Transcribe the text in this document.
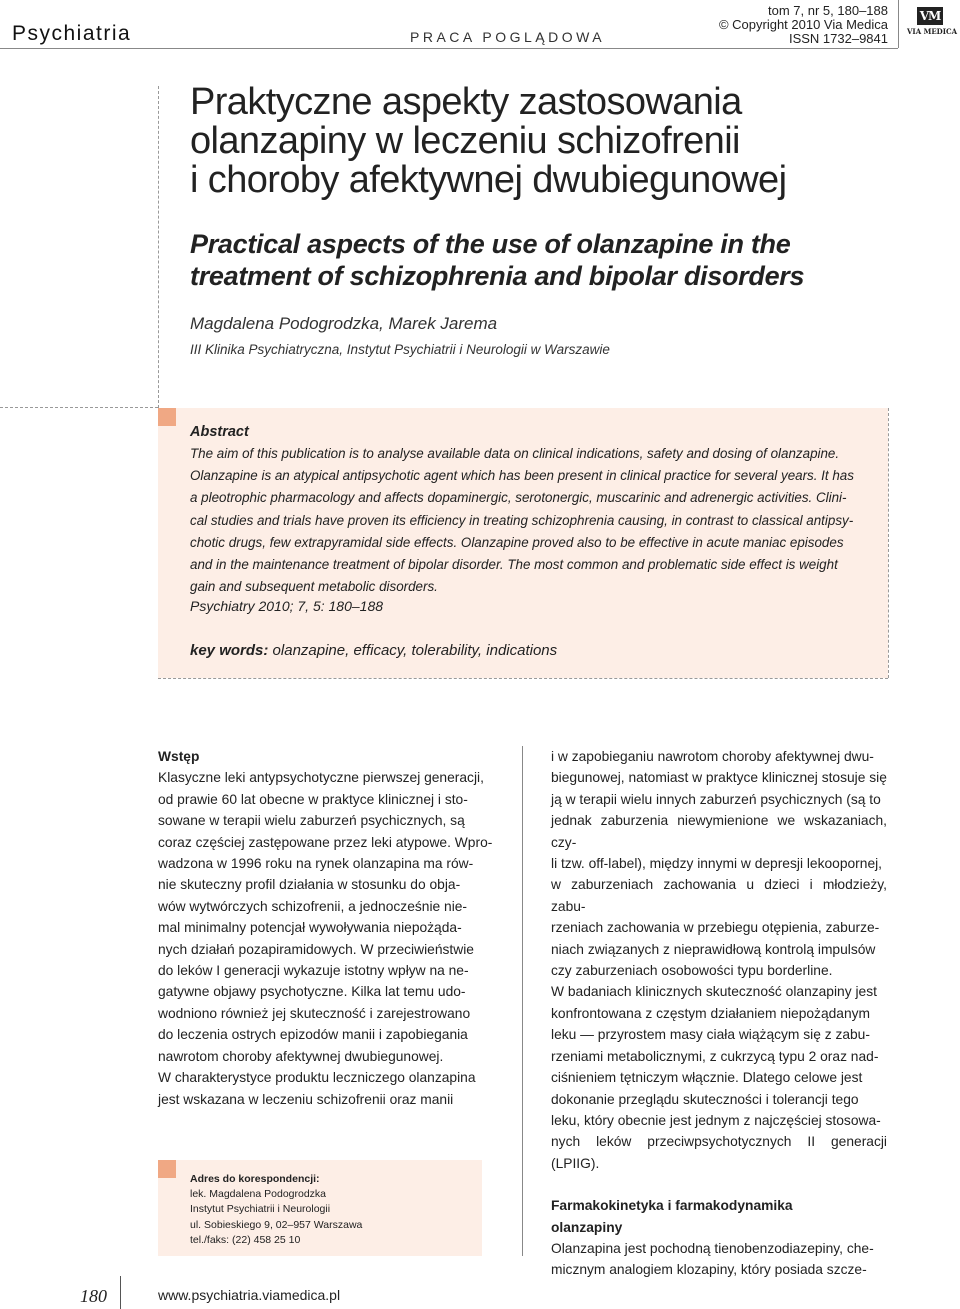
Psychiatria	PRACA POGLĄDOWA
tom 7, nr 5, 180–188
© Copyright 2010 Via Medica
ISSN 1732–9841
VM
VIA MEDICA
Praktyczne aspekty zastosowania
olanzapiny w leczeniu schizofrenii
i choroby afektywnej dwubiegunowej
Practical aspects of the use of olanzapine in the
treatment of schizophrenia and bipolar disorders
Magdalena Podogrodzka, Marek Jarema
III Klinika Psychiatryczna, Instytut Psychiatrii i Neurologii w Warszawie
Abstract
The aim of this publication is to analyse available data on clinical indications, safety and dosing of olanzapine.
Olanzapine is an atypical antipsychotic agent which has been present in clinical practice for several years. It has
a pleotrophic pharmacology and affects dopaminergic, serotonergic, muscarinic and adrenergic activities. Clini-
cal studies and trials have proven its efficiency in treating schizophrenia causing, in contrast to classical antipsy-
chotic drugs, few extrapyramidal side effects. Olanzapine proved also to be effective in acute maniac episodes
and in the maintenance treatment of bipolar disorder. The most common and problematic side effect is weight
gain and subsequent metabolic disorders.
Psychiatry 2010; 7, 5: 180–188
key words: olanzapine, efficacy, tolerability, indications

Wstęp

Klasyczne leki antypsychotyczne pierwszej generacji,

od prawie 60 lat obecne w praktyce klinicznej i sto-

sowane w terapii wielu zaburzeń psychicznych, są

coraz częściej zastępowane przez leki atypowe. Wpro-

wadzona w 1996 roku na rynek olanzapina ma rów-

nie skuteczny profil działania w stosunku do obja-

wów wytwórczych schizofrenii, a jednocześnie nie-

mal minimalny potencjał wywoływania niepożąda-

nych działań pozapiramidowych. W przeciwieństwie

do leków I generacji wykazuje istotny wpływ na ne-

gatywne objawy psychotyczne. Kilka lat temu udo-

wodniono również jej skuteczność i zarejestrowano

do leczenia ostrych epizodów manii i zapobiegania

nawrotom choroby afektywnej dwubiegunowej.

W charakterystyce produktu leczniczego olanzapina

jest wskazana w leczeniu schizofrenii oraz manii

i w zapobieganiu nawrotom choroby afektywnej dwu-

biegunowej, natomiast w praktyce klinicznej stosuje się

ją w terapii wielu innych zaburzeń psychicznych (są to

jednak zaburzenia niewymienione we wskazaniach, czy-

li tzw. off-label), między innymi w depresji lekoopornej,

w zaburzeniach zachowania u dzieci i młodzieży, zabu-

rzeniach zachowania w przebiegu otępienia, zaburze-

niach związanych z nieprawidłową kontrolą impulsów

czy zaburzeniach osobowości typu borderline.

W badaniach klinicznych skuteczność olanzapiny jest

konfrontowana z częstym działaniem niepożądanym

leku — przyrostem masy ciała wiążącym się z zabu-

rzeniami metabolicznymi, z cukrzycą typu 2 oraz nad-

ciśnieniem tętniczym włącznie. Dlatego celowe jest

dokonanie przeglądu skuteczności i tolerancji tego

leku, który obecnie jest jednym z najczęściej stosowa-

nych leków przeciwpsychotycznych II generacji (LPIIG).

Farmakokinetyka i farmakodynamika

olanzapiny

Olanzapina jest pochodną tienobenzodiazepiny, che-

micznym analogiem klozapiny, który posiada szcze-

Adres do korespondencji:
lek. Magdalena Podogrodzka
Instytut Psychiatrii i Neurologii
ul. Sobieskiego 9, 02–957 Warszawa
tel./faks: (22) 458 25 10
180	www.psychiatria.viamedica.pl
